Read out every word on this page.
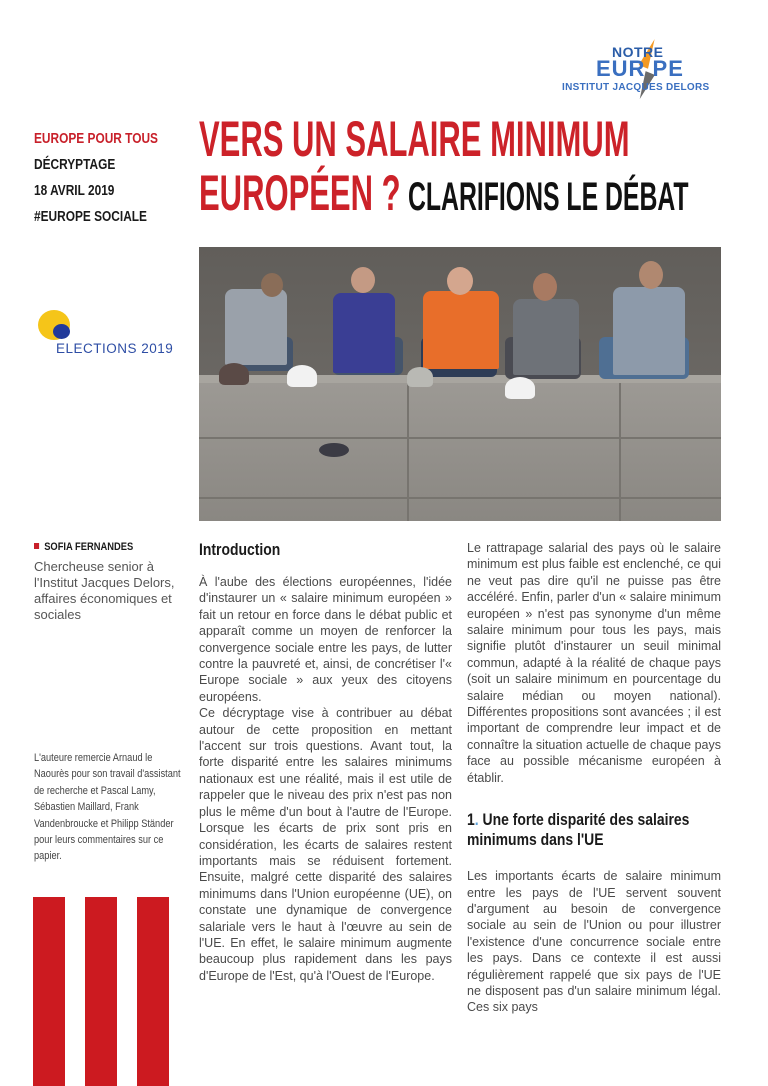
NOTRE
EUR PE
INSTITUT JACQUES DELORS
EUROPE POUR TOUS
DÉCRYPTAGE
18 AVRIL 2019
#EUROPE SOCIALE
VERS UN SALAIRE MINIMUM
EUROPÉEN ? CLARIFIONS LE DÉBAT
ELECTIONS 2019
SOFIA FERNANDES
Chercheuse senior à l'Institut Jacques Delors, affaires économiques et sociales
L'auteure remercie Arnaud le Naourès pour son travail d'assistant de recherche et Pascal Lamy, Sébastien Maillard, Frank Vandenbroucke et Philipp Ständer pour leurs commentaires sur ce papier.
Introduction

À l'aube des élections européennes, l'idée d'instaurer un « salaire minimum européen » fait un retour en force dans le débat public et apparaît comme un moyen de renforcer la convergence sociale entre les pays, de lutter contre la pauvreté et, ainsi, de concrétiser l'« Europe sociale » aux yeux des citoyens européens.

Ce décryptage vise à contribuer au débat autour de cette proposition en mettant l'accent sur trois questions. Avant tout, la forte disparité entre les salaires minimums nationaux est une réalité, mais il est utile de rappeler que le niveau des prix n'est pas non plus le même d'un bout à l'autre de l'Europe. Lorsque les écarts de prix sont pris en considération, les écarts de salaires restent importants mais se réduisent fortement. Ensuite, malgré cette disparité des salaires minimums dans l'Union européenne (UE), on constate une dynamique de convergence salariale vers le haut à l'œuvre au sein de l'UE. En effet, le salaire minimum augmente beaucoup plus rapidement dans les pays d'Europe de l'Est, qu'à l'Ouest de l'Europe.

Le rattrapage salarial des pays où le salaire minimum est plus faible est enclenché, ce qui ne veut pas dire qu'il ne puisse pas être accéléré. Enfin, parler d'un « salaire minimum européen » n'est pas synonyme d'un même salaire minimum pour tous les pays, mais signifie plutôt d'instaurer un seuil minimal commun, adapté à la réalité de chaque pays (soit un salaire minimum en pourcentage du salaire médian ou moyen national). Différentes propositions sont avancées ; il est important de comprendre leur impact et de connaître la situation actuelle de chaque pays face au possible mécanisme européen à établir.

1. Une forte disparité des salaires
minimums dans l'UE

Les importants écarts de salaire minimum entre les pays de l'UE servent souvent d'argument au besoin de convergence sociale au sein de l'Union ou pour illustrer l'existence d'une concurrence sociale entre les pays. Dans ce contexte il est aussi régulièrement rappelé que six pays de l'UE ne disposent pas d'un salaire minimum légal. Ces six pays
